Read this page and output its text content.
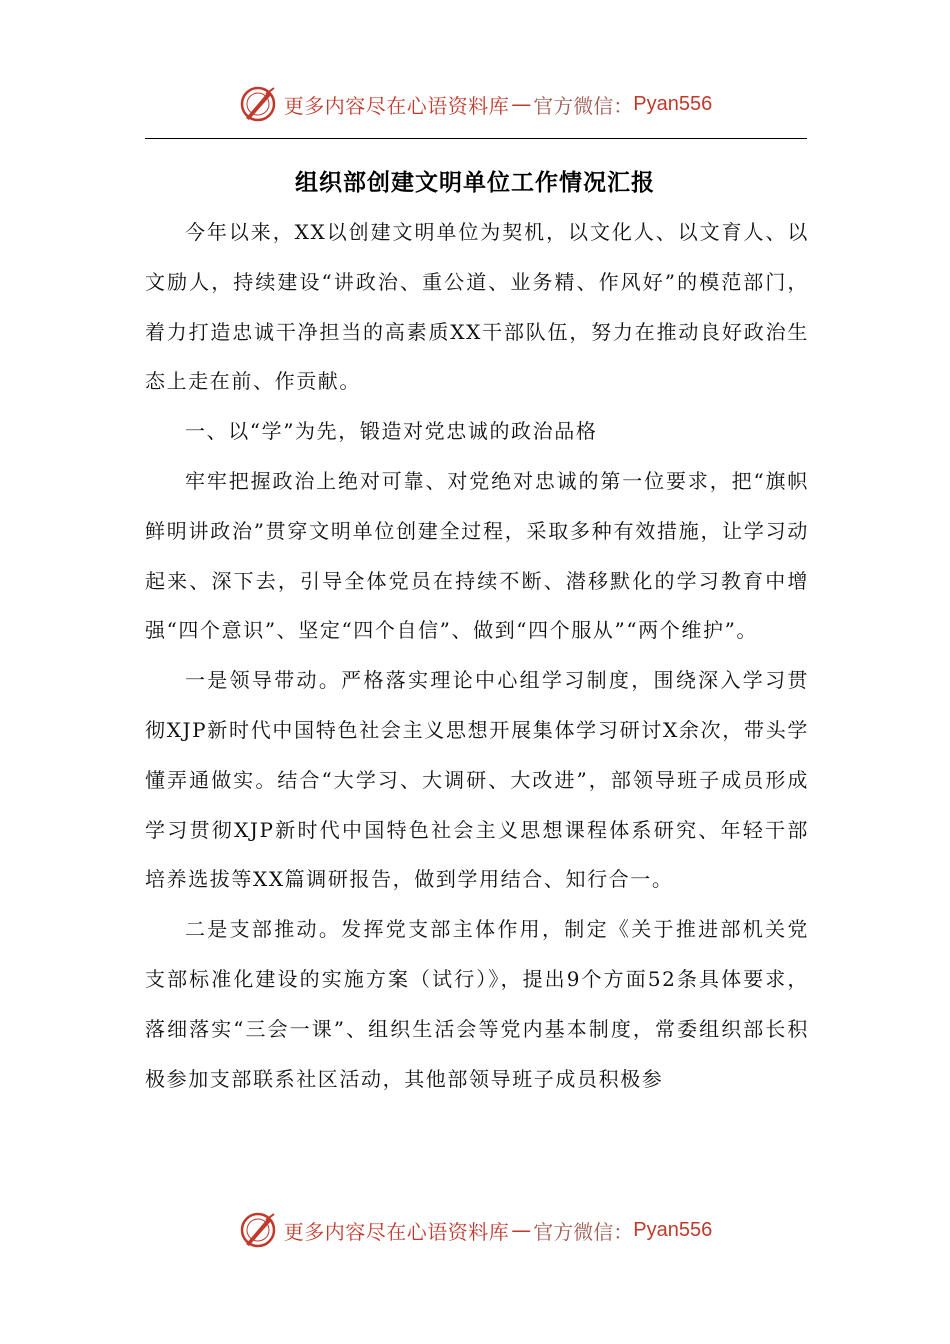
更多内容尽在心语资料库 — 官方微信： Pyan556
组织部创建文明单位工作情况汇报

今年以来，XX以创建文明单位为契机，以文化人、以文育人、以文励人，持续建设“讲政治、重公道、业务精、作风好”的模范部门，着力打造忠诚干净担当的高素质XX干部队伍，努力在推动良好政治生态上走在前、作贡献。

一、以“学”为先，锻造对党忠诚的政治品格

牢牢把握政治上绝对可靠、对党绝对忠诚的第一位要求，把“旗帜鲜明讲政治”贯穿文明单位创建全过程，采取多种有效措施，让学习动起来、深下去，引导全体党员在持续不断、潜移默化的学习教育中增强“四个意识”、坚定“四个自信”、做到“四个服从”“两个维护”。

一是领导带动。严格落实理论中心组学习制度，围绕深入学习贯彻XJP新时代中国特色社会主义思想开展集体学习研讨X余次，带头学懂弄通做实。结合“大学习、大调研、大改进”，部领导班子成员形成学习贯彻XJP新时代中国特色社会主义思想课程体系研究、年轻干部培养选拔等XX篇调研报告，做到学用结合、知行合一。

二是支部推动。发挥党支部主体作用，制定《关于推进部机关党支部标准化建设的实施方案（试行）》，提出9个方面52条具体要求，落细落实“三会一课”、组织生活会等党内基本制度，常委组织部长积极参加支部联系社区活动，其他部领导班子成员积极参

更多内容尽在心语资料库 — 官方微信： Pyan556
